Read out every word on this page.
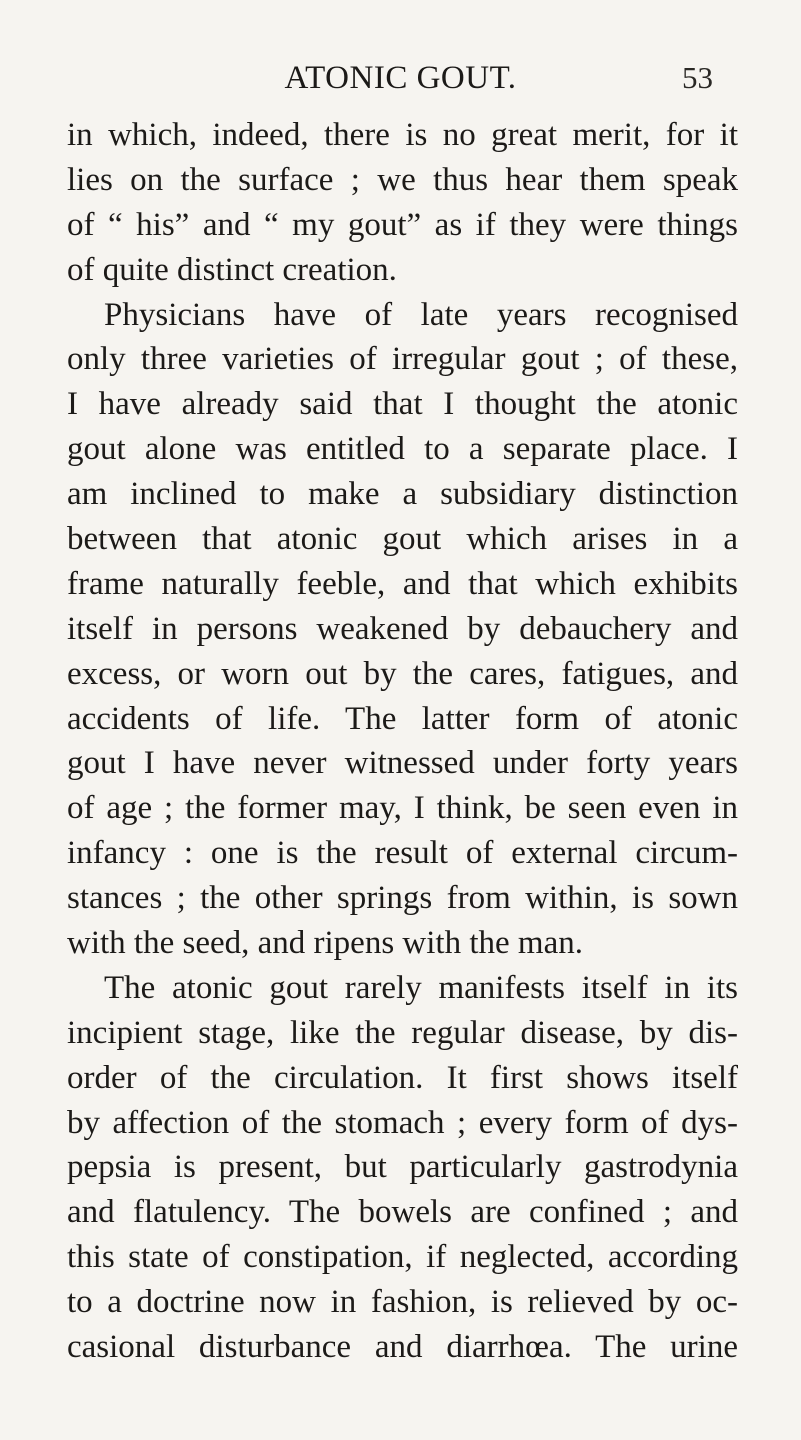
ATONIC GOUT.	53
in which, indeed, there is no great merit, for it
lies on the surface ; we thus hear them speak
of “ his” and “ my gout” as if they were things
of quite distinct creation.
Physicians have of late years recognised
only three varieties of irregular gout ; of these,
I have already said that I thought the atonic
gout alone was entitled to a separate place. I
am inclined to make a subsidiary distinction
between that atonic gout which arises in a
frame naturally feeble, and that which exhibits
itself in persons weakened by debauchery and
excess, or worn out by the cares, fatigues, and
accidents of life. The latter form of atonic
gout I have never witnessed under forty years
of age ; the former may, I think, be seen even in
infancy : one is the result of external circum-
stances ; the other springs from within, is sown
with the seed, and ripens with the man.
The atonic gout rarely manifests itself in its
incipient stage, like the regular disease, by dis-
order of the circulation. It first shows itself
by affection of the stomach ; every form of dys-
pepsia is present, but particularly gastrodynia
and flatulency. The bowels are confined ; and
this state of constipation, if neglected, according
to a doctrine now in fashion, is relieved by oc-
casional disturbance and diarrhœa. The urine
